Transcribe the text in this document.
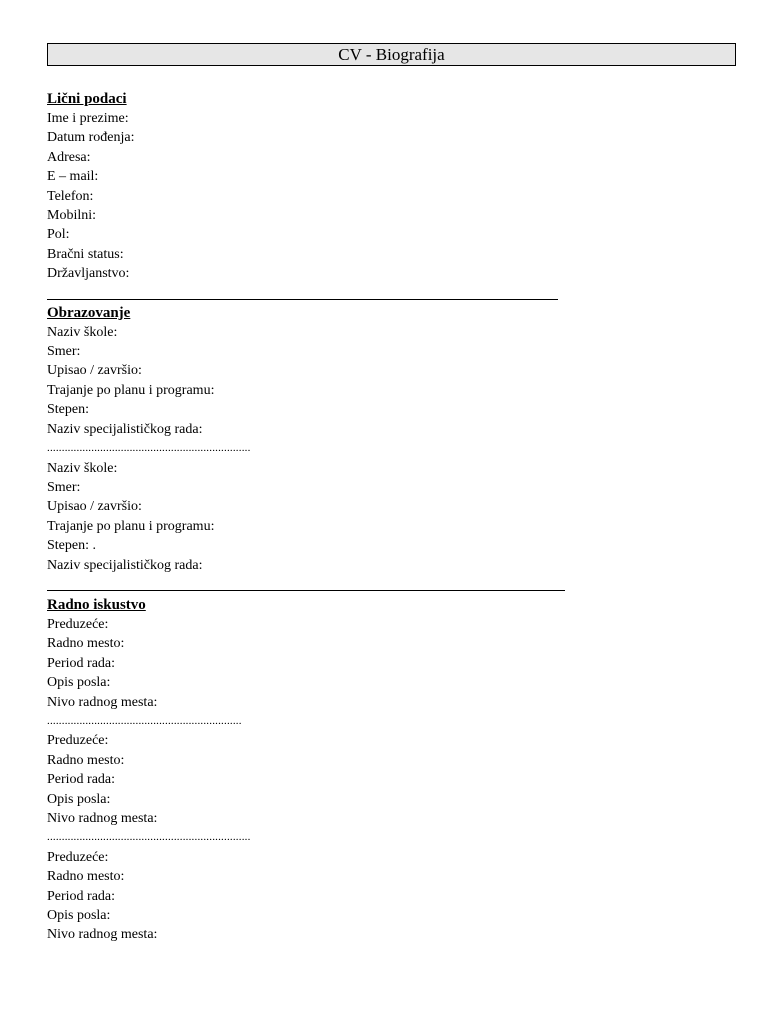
CV - Biografija

Lični podaci

Ime i prezime:

Datum rođenja:

Adresa:

E – mail:

Telefon:

Mobilni:

Pol:

Bračni status:

Državljanstvo:

Obrazovanje

Naziv škole:

Smer:

Upisao / završio:

Trajanje po planu i programu:

Stepen:

Naziv specijalističkog rada:

.....................................................................

Naziv škole:

Smer:

Upisao / završio:

Trajanje po planu i programu:

Stepen: .

Naziv specijalističkog rada:

Radno iskustvo

Preduzeće:

Radno mesto:

Period rada:

Opis posla:

Nivo radnog mesta:

..................................................................

Preduzeće:

Radno mesto:

Period rada:

Opis posla:

Nivo radnog mesta:

.....................................................................

Preduzeće:

Radno mesto:

Period rada:

Opis posla:

Nivo radnog mesta:
